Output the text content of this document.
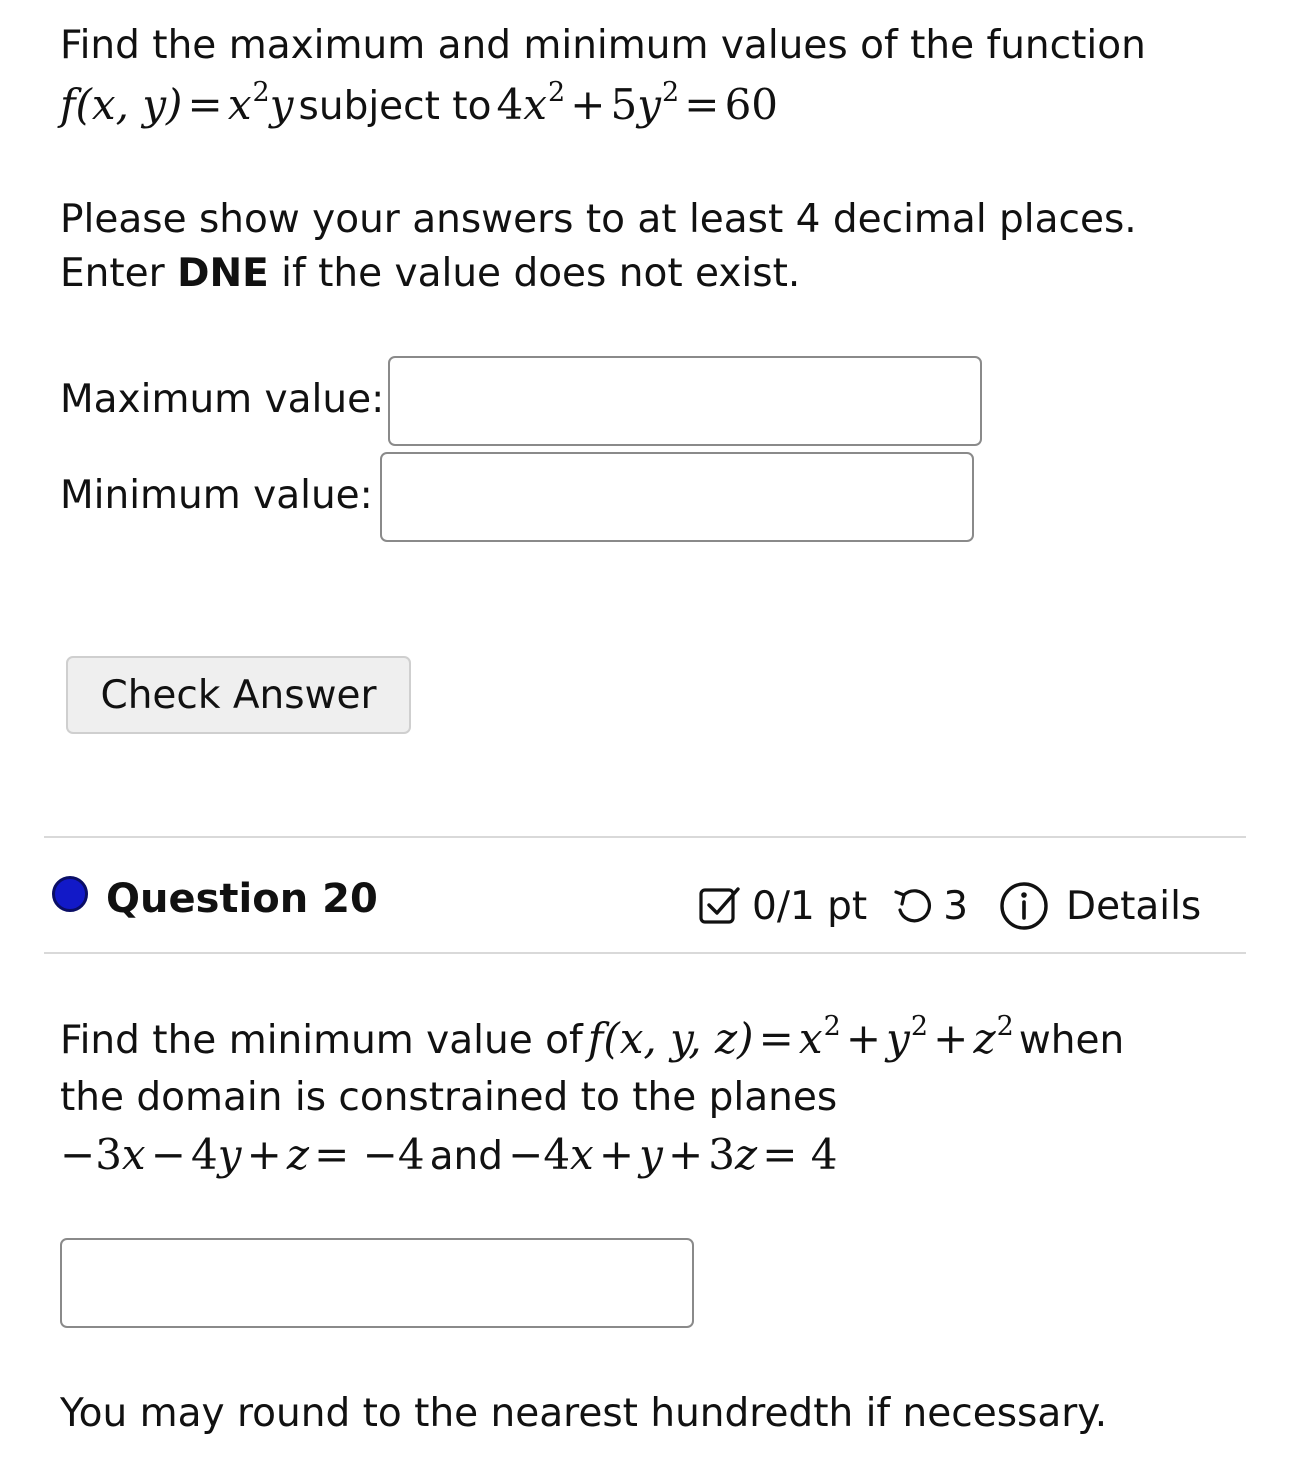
Find the maximum and minimum values of the function
f(x, y) = x2y subject to 4x2 + 5y2 = 60
Please show your answers to at least 4 decimal places.
Enter DNE if the value does not exist.
Maximum value:
Minimum value:
Check Answer
Question 20	0/1 pt 3	Details
Find the minimum value of f(x, y, z) = x2 + y2 + z2 when
the domain is constrained to the planes
−3x − 4y + z = −4 and −4x + y + 3z = 4
You may round to the nearest hundredth if necessary.
